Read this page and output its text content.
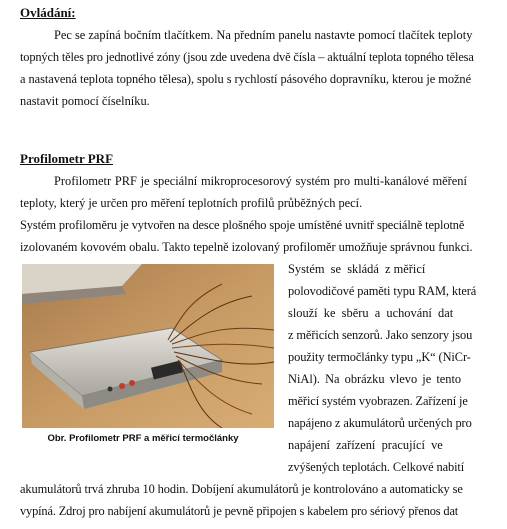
Ovládání:
Pec se zapíná bočním tlačítkem. Na předním panelu nastavte pomocí tlačítek teploty
topných těles pro jednotlivé zóny (jsou zde uvedena dvě čísla – aktuální teplota topného tělesa
a nastavená teplota topného tělesa), spolu s rychlostí pásového dopravníku, kterou je možné
nastavit pomocí číselníku.
Profilometr PRF
Profilometr PRF je speciální mikroprocesorový systém pro multi-kanálové měření
teploty, který je určen pro měření teplotních profilů průběžných pecí.
Systém profiloměru je vytvořen na desce plošného spoje umístěné uvnitř speciálně teplotně
izolovaném kovovém obalu. Takto tepelně izolovaný profiloměr umožňuje správnou funkci.
Obr. Profilometr PRF a měřicí termočlánky
Systém  se  skládá  z měřicí
polovodičové paměti typu RAM, která
slouží  ke  sběru  a  uchování  dat
z měřicích senzorů. Jako senzory jsou
použity termočlánky typu „K“ (NiCr-
NiAl). Na obrázku vlevo je tento
měřicí systém vyobrazen. Zařízení je
napájeno z akumulátorů určených pro
napájení  zařízení  pracující  ve
zvýšených teplotách. Celkové nabití
akumulátorů trvá zhruba 10 hodin. Dobíjení akumulátorů je kontrolováno a automaticky se
vypíná. Zdroj pro nabíjení akumulátorů je pevně připojen s kabelem pro sériový přenos dat
